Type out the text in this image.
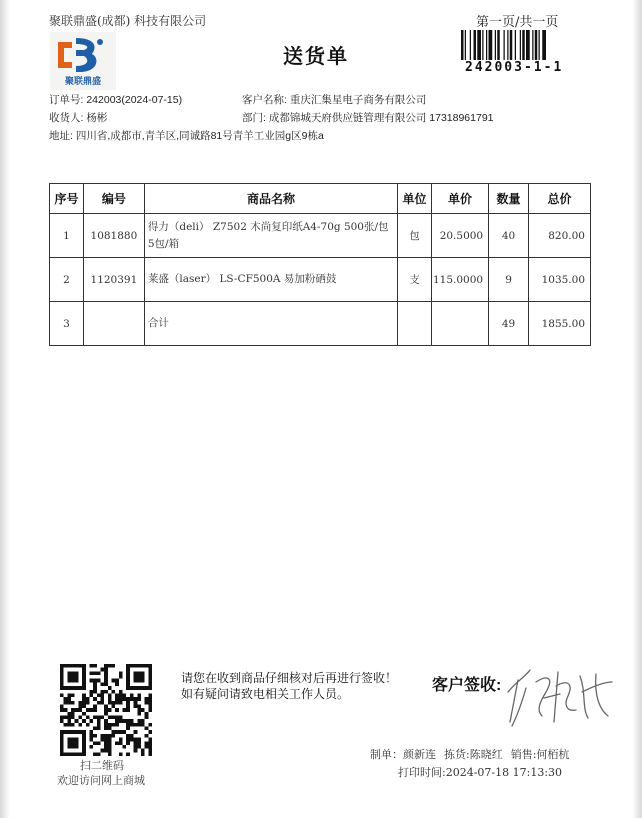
聚联鼎盛(成都) 科技有限公司	第一页/共一页
聚联鼎盛
送货单	242003-1-1
订单号: 242003(2024-07-15)	客户名称: 重庆汇集星电子商务有限公司
收货人: 杨彬	部门: 成都锦城天府供应链管理有限公司 17318961791
地址: 四川省,成都市,青羊区,同诚路81号青羊工业园g区9栋a
序号	编号	商品名称	单位	单价	数量	总价
1	1081880	得力（deli） Z7502 木尚复印纸A4-70g 500张/包 5包/箱	包	20.5000	40	820.00
2	1120391	莱盛（laser） LS-CF500A 易加粉硒鼓	支	115.0000	9	1035.00
3		合计			49	1855.00
扫二维码
欢迎访问网上商城
请您在收到商品仔细核对后再进行签收！如有疑问请致电相关工作人员。	客户签收:
制单：颜新连 拣货:陈晓红 销售:何栢杭
打印时间:2024-07-18 17:13:30
